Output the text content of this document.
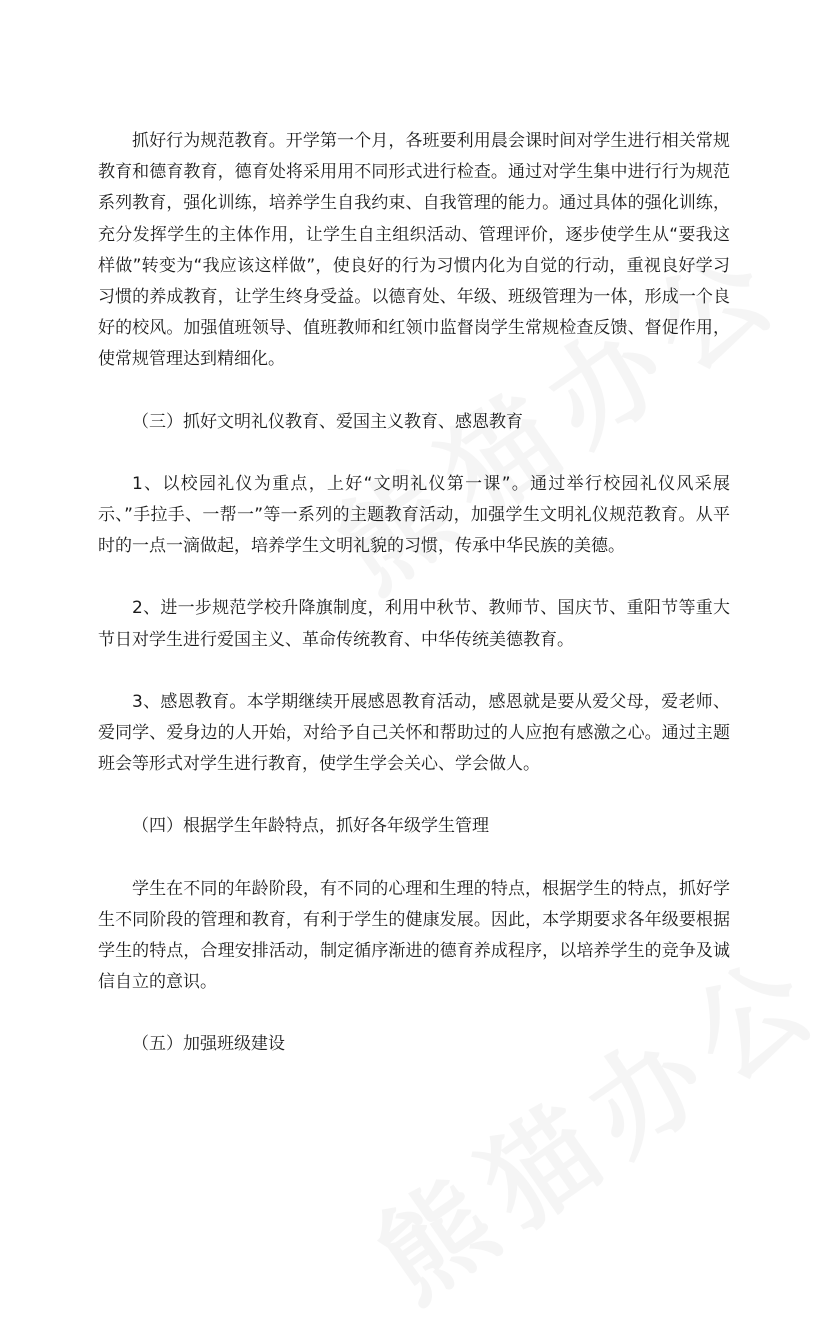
抓好行为规范教育。开学第一个月，各班要利用晨会课时间对学生进行相关常规教育和德育教育，德育处将采用用不同形式进行检查。通过对学生集中进行行为规范系列教育，强化训练，培养学生自我约束、自我管理的能力。通过具体的强化训练，充分发挥学生的主体作用，让学生自主组织活动、管理评价，逐步使学生从“要我这样做”转变为“我应该这样做”，使良好的行为习惯内化为自觉的行动，重视良好学习习惯的养成教育，让学生终身受益。以德育处、年级、班级管理为一体，形成一个良好的校风。加强值班领导、值班教师和红领巾监督岗学生常规检查反馈、督促作用，使常规管理达到精细化。

（三）抓好文明礼仪教育、爱国主义教育、感恩教育

1、以校园礼仪为重点，上好“文明礼仪第一课”。通过举行校园礼仪风采展示、”手拉手、一帮一”等一系列的主题教育活动，加强学生文明礼仪规范教育。从平时的一点一滴做起，培养学生文明礼貌的习惯，传承中华民族的美德。

2、进一步规范学校升降旗制度，利用中秋节、教师节、国庆节、重阳节等重大节日对学生进行爱国主义、革命传统教育、中华传统美德教育。

3、感恩教育。本学期继续开展感恩教育活动，感恩就是要从爱父母，爱老师、爱同学、爱身边的人开始，对给予自己关怀和帮助过的人应抱有感激之心。通过主题班会等形式对学生进行教育，使学生学会关心、学会做人。

（四）根据学生年龄特点，抓好各年级学生管理

学生在不同的年龄阶段，有不同的心理和生理的特点，根据学生的特点，抓好学生不同阶段的管理和教育，有利于学生的健康发展。因此，本学期要求各年级要根据学生的特点，合理安排活动，制定循序渐进的德育养成程序，以培养学生的竞争及诚信自立的意识。

（五）加强班级建设
